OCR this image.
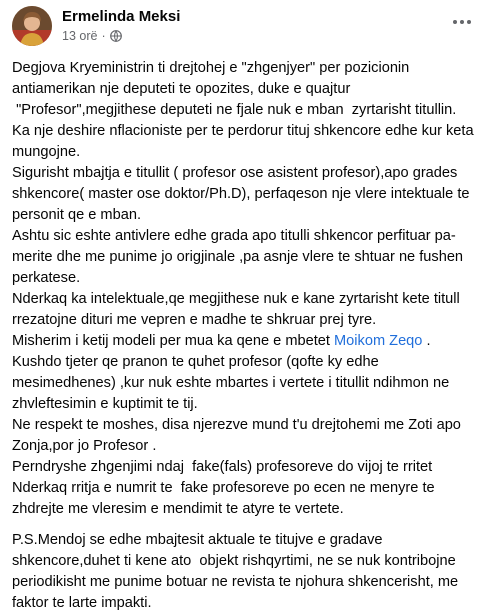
Ermelinda Meksi
13 orë ·

Degjova Kryeministrin ti drejtohej e "zhgenjyer" per pozicionin antiamerikan nje deputeti te opozites, duke e quajtur

"Profesor",megjithese deputeti ne fjale nuk e mban  zyrtarisht titullin.

Ka nje deshire nflacioniste per te perdorur tituj shkencore edhe kur keta mungojne.

Sigurisht mbajtja e titullit ( profesor ose asistent profesor),apo grades shkencore( master ose doktor/Ph.D), perfaqeson nje vlere intektuale te personit qe e mban.

Ashtu sic eshte antivlere edhe grada apo titulli shkencor perfituar pa-merite dhe me punime jo origjinale ,pa asnje vlere te shtuar ne fushen perkatese.

Nderkaq ka intelektuale,qe megjithese nuk e kane zyrtarisht kete titull rrezatojne dituri me vepren e madhe te shkruar prej tyre.

Misherim i ketij modeli per mua ka qene e mbetet Moikom Zeqo .

Kushdo tjeter qe pranon te quhet profesor (qofte ky edhe mesimedhenes) ,kur nuk eshte mbartes i vertete i titullit ndihmon ne zhvleftesimin e kuptimit te tij.

Ne respekt te moshes, disa njerezve mund t'u drejtohemi me Zoti apo Zonja,por jo Profesor .

Perndryshe zhgenjimi ndaj  fake(fals) profesoreve do vijoj te rritet

Nderkaq rritja e numrit te  fake profesoreve po ecen ne menyre te zhdrejte me vleresim e mendimit te atyre te vertete.

P.S.Mendoj se edhe mbajtesit aktuale te titujve e gradave shkencore,duhet ti kene ato  objekt rishqyrtimi, ne se nuk kontribojne periodikisht me punime botuar ne revista te njohura shkencerisht, me faktor te larte impakti.
